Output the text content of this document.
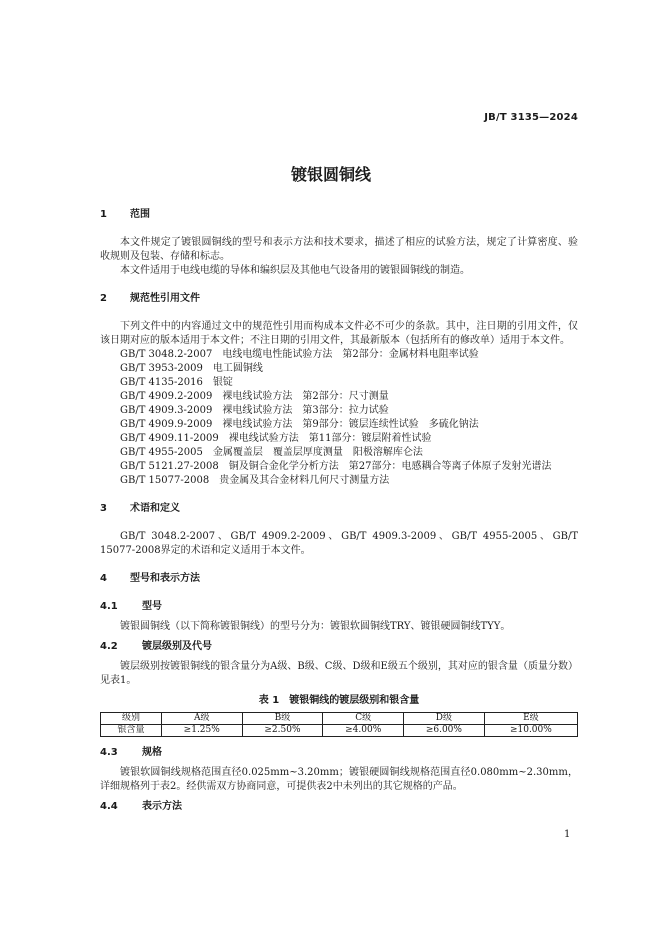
JB/T 3135—2024
镀银圆铜线
1	范围

本文件规定了镀银圆铜线的型号和表示方法和技术要求，描述了相应的试验方法，规定了计算密度、验收规则及包装、存储和标志。

本文件适用于电线电缆的导体和编织层及其他电气设备用的镀银圆铜线的制造。

2	规范性引用文件

下列文件中的内容通过文中的规范性引用而构成本文件必不可少的条款。其中，注日期的引用文件，仅该日期对应的版本适用于本文件；不注日期的引用文件，其最新版本（包括所有的修改单）适用于本文件。

GB/T 3048.2-2007　 电线电缆电性能试验方法　第2部分：金属材料电阻率试验
GB/T 3953-2009　 电工圆铜线
GB/T 4135-2016　 银锭
GB/T 4909.2-2009　 裸电线试验方法　第2部分：尺寸测量
GB/T 4909.3-2009　 裸电线试验方法　第3部分：拉力试验
GB/T 4909.9-2009　 裸电线试验方法　第9部分：镀层连续性试验　多硫化钠法
GB/T 4909.11-2009　 裸电线试验方法　第11部分：镀层附着性试验
GB/T 4955-2005　 金属覆盖层　覆盖层厚度测量　阳极溶解库仑法
GB/T 5121.27-2008　 铜及铜合金化学分析方法　第27部分：电感耦合等离子体原子发射光谱法
GB/T 15077-2008　 贵金属及其合金材料几何尺寸测量方法
3	术语和定义

GB/T 3048.2-2007、GB/T 4909.2-2009、GB/T 4909.3-2009、GB/T 4955-2005、GB/T 15077-2008界定的术语和定义适用于本文件。

4	型号和表示方法
4.1	型号

镀银圆铜线（以下简称镀银铜线）的型号分为：镀银软圆铜线TRY、镀银硬圆铜线TYY。

4.2	镀层级别及代号

镀层级别按镀银铜线的银含量分为A级、B级、C级、D级和E级五个级别，其对应的银含量（质量分数）见表1。

表 1　镀银铜线的镀层级别和银含量
级别	A级	B级	C级	D级	E级
银含量	≥1.25%	≥2.50%	≥4.00%	≥6.00%	≥10.00%
4.3	规格

镀银软圆铜线规格范围直径0.025mm~3.20mm；镀银硬圆铜线规格范围直径0.080mm~2.30mm，详细规格列于表2。经供需双方协商同意，可提供表2中未列出的其它规格的产品。

4.4	表示方法
1
